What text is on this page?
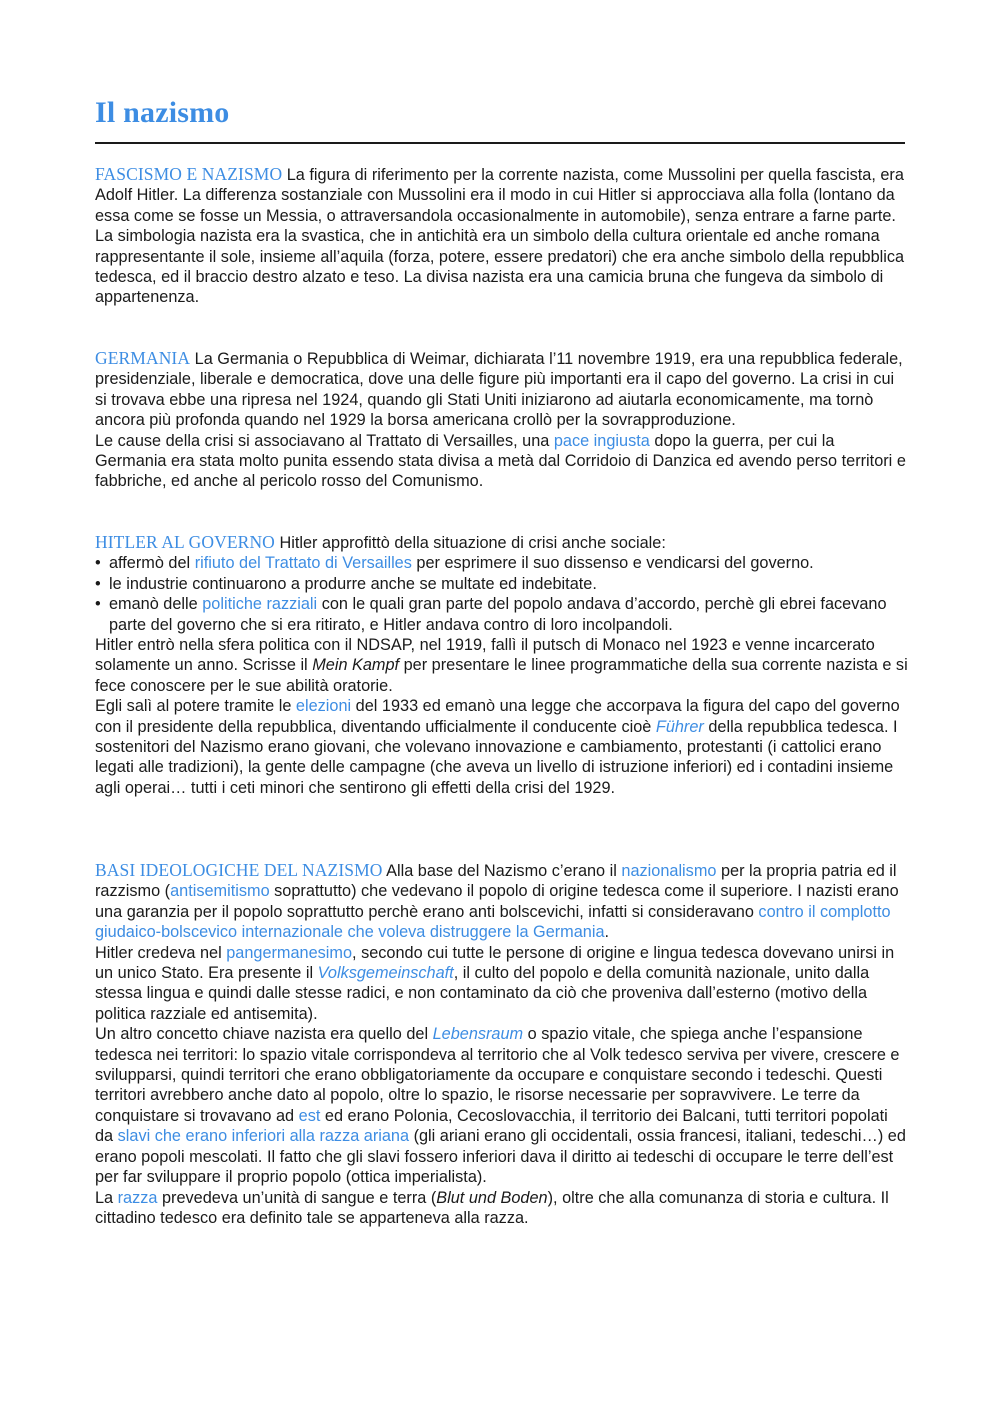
Il nazismo

FASCISMO E NAZISMO La figura di riferimento per la corrente nazista, come Mussolini per quella fascista, era Adolf Hitler. La differenza sostanziale con Mussolini era il modo in cui Hitler si approcciava alla folla (lontano da essa come se fosse un Messia, o attraversandola occasionalmente in automobile), senza entrare a farne parte.

La simbologia nazista era la svastica, che in antichità era un simbolo della cultura orientale ed anche romana rappresentante il sole, insieme all’aquila (forza, potere, essere predatori) che era anche simbolo della repubblica tedesca, ed il braccio destro alzato e teso. La divisa nazista era una camicia bruna che fungeva da simbolo di appartenenza.

GERMANIA La Germania o Repubblica di Weimar, dichiarata l’11 novembre 1919, era una repubblica federale, presidenziale, liberale e democratica, dove una delle figure più importanti era il capo del governo. La crisi in cui si trovava ebbe una ripresa nel 1924, quando gli Stati Uniti iniziarono ad aiutarla economicamente, ma tornò ancora più profonda quando nel 1929 la borsa americana crollò per la sovrapproduzione.

Le cause della crisi si associavano al Trattato di Versailles, una pace ingiusta dopo la guerra, per cui la Germania era stata molto punita essendo stata divisa a metà dal Corridoio di Danzica ed avendo perso territori e fabbriche, ed anche al pericolo rosso del Comunismo.

HITLER AL GOVERNO Hitler approfittò della situazione di crisi anche sociale:

• affermò del rifiuto del Trattato di Versailles per esprimere il suo dissenso e vendicarsi del governo.
• le industrie continuarono a produrre anche se multate ed indebitate.
• emanò delle politiche razziali con le quali gran parte del popolo andava d’accordo, perchè gli ebrei facevano parte del governo che si era ritirato, e Hitler andava contro di loro incolpandoli.

Hitler entrò nella sfera politica con il NDSAP, nel 1919, fallì il putsch di Monaco nel 1923 e venne incarcerato solamente un anno. Scrisse il Mein Kampf per presentare le linee programmatiche della sua corrente nazista e si fece conoscere per le sue abilità oratorie.

Egli salì al potere tramite le elezioni del 1933 ed emanò una legge che accorpava la figura del capo del governo con il presidente della repubblica, diventando ufficialmente il conducente cioè Führer della repubblica tedesca. I sostenitori del Nazismo erano giovani, che volevano innovazione e cambiamento, protestanti (i cattolici erano legati alle tradizioni), la gente delle campagne (che aveva un livello di istruzione inferiori) ed i contadini insieme agli operai… tutti i ceti minori che sentirono gli effetti della crisi del 1929.

BASI IDEOLOGICHE DEL NAZISMO Alla base del Nazismo c’erano il nazionalismo per la propria patria ed il razzismo (antisemitismo soprattutto) che vedevano il popolo di origine tedesca come il superiore. I nazisti erano una garanzia per il popolo soprattutto perchè erano anti bolscevichi, infatti si consideravano contro il complotto giudaico-bolscevico internazionale che voleva distruggere la Germania.

Hitler credeva nel pangermanesimo, secondo cui tutte le persone di origine e lingua tedesca dovevano unirsi in un unico Stato. Era presente il Volksgemeinschaft, il culto del popolo e della comunità nazionale, unito dalla stessa lingua e quindi dalle stesse radici, e non contaminato da ciò che proveniva dall’esterno (motivo della politica razziale ed antisemita).

Un altro concetto chiave nazista era quello del Lebensraum o spazio vitale, che spiega anche l’espansione tedesca nei territori: lo spazio vitale corrispondeva al territorio che al Volk tedesco serviva per vivere, crescere e svilupparsi, quindi territori che erano obbligatoriamente da occupare e conquistare secondo i tedeschi. Questi territori avrebbero anche dato al popolo, oltre lo spazio, le risorse necessarie per sopravvivere. Le terre da conquistare si trovavano ad est ed erano Polonia, Cecoslovacchia, il territorio dei Balcani, tutti territori popolati da slavi che erano inferiori alla razza ariana (gli ariani erano gli occidentali, ossia francesi, italiani, tedeschi…) ed erano popoli mescolati. Il fatto che gli slavi fossero inferiori dava il diritto ai tedeschi di occupare le terre dell’est per far sviluppare il proprio popolo (ottica imperialista).

La razza prevedeva un’unità di sangue e terra (Blut und Boden), oltre che alla comunanza di storia e cultura. Il cittadino tedesco era definito tale se apparteneva alla razza.
